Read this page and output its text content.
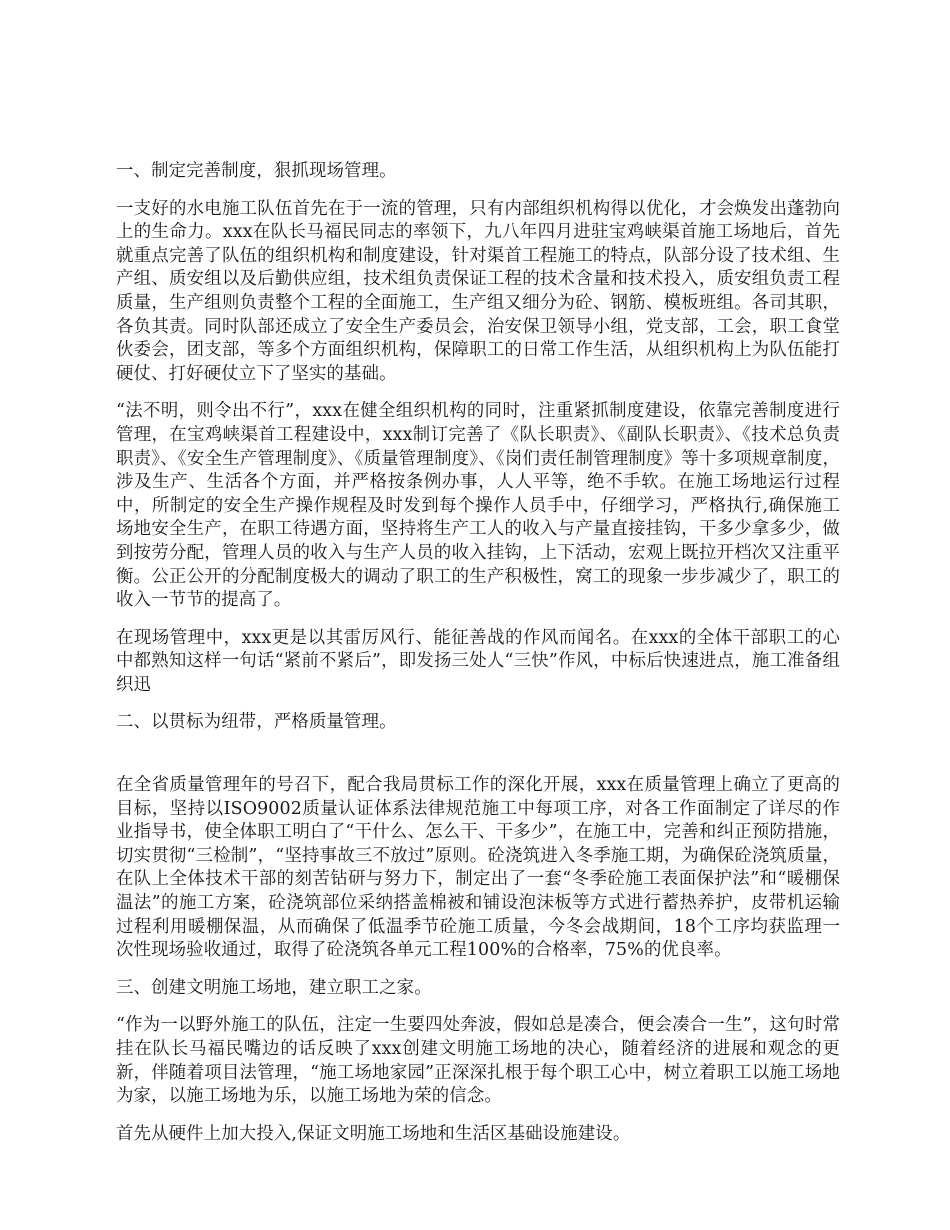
一、制定完善制度，狠抓现场管理。

一支好的水电施工队伍首先在于一流的管理，只有内部组织机构得以优化，才会焕发出蓬勃向上的生命力。xxx在队长马福民同志的率领下，九八年四月进驻宝鸡峡渠首施工场地后，首先就重点完善了队伍的组织机构和制度建设，针对渠首工程施工的特点，队部分设了技术组、生产组、质安组以及后勤供应组，技术组负责保证工程的技术含量和技术投入，质安组负责工程质量，生产组则负责整个工程的全面施工，生产组又细分为砼、钢筋、模板班组。各司其职，各负其责。同时队部还成立了安全生产委员会，治安保卫领导小组，党支部，工会，职工食堂伙委会，团支部，等多个方面组织机构，保障职工的日常工作生活，从组织机构上为队伍能打硬仗、打好硬仗立下了坚实的基础。

“法不明，则令出不行”，xxx在健全组织机构的同时，注重紧抓制度建设，依靠完善制度进行管理，在宝鸡峡渠首工程建设中，xxx制订完善了《队长职责》、《副队长职责》、《技术总负责职责》、《安全生产管理制度》、《质量管理制度》、《岗们责任制管理制度》等十多项规章制度，涉及生产、生活各个方面，并严格按条例办事，人人平等，绝不手软。在施工场地运行过程中，所制定的安全生产操作规程及时发到每个操作人员手中，仔细学习，严格执行,确保施工场地安全生产，在职工待遇方面，坚持将生产工人的收入与产量直接挂钩，干多少拿多少，做到按劳分配，管理人员的收入与生产人员的收入挂钩，上下活动，宏观上既拉开档次又注重平衡。公正公开的分配制度极大的调动了职工的生产积极性，窝工的现象一步步减少了，职工的收入一节节的提高了。

在现场管理中，xxx更是以其雷厉风行、能征善战的作风而闻名。在xxx的全体干部职工的心中都熟知这样一句话“紧前不紧后”，即发扬三处人“三快”作风，中标后快速进点，施工准备组织迅

二、以贯标为纽带，严格质量管理。

在全省质量管理年的号召下，配合我局贯标工作的深化开展，xxx在质量管理上确立了更高的目标，坚持以ISO9002质量认证体系法律规范施工中每项工序，对各工作面制定了详尽的作业指导书，使全体职工明白了“干什么、怎么干、干多少”，在施工中，完善和纠正预防措施，切实贯彻“三检制”，“坚持事故三不放过”原则。砼浇筑进入冬季施工期，为确保砼浇筑质量，在队上全体技术干部的刻苦钻研与努力下，制定出了一套“冬季砼施工表面保护法”和“暖棚保温法”的施工方案，砼浇筑部位采纳搭盖棉被和铺设泡沫板等方式进行蓄热养护，皮带机运输过程利用暖棚保温，从而确保了低温季节砼施工质量，今冬会战期间，18个工序均获监理一次性现场验收通过，取得了砼浇筑各单元工程100%的合格率，75%的优良率。

三、创建文明施工场地，建立职工之家。

“作为一以野外施工的队伍，注定一生要四处奔波，假如总是凑合，便会凑合一生”，这句时常挂在队长马福民嘴边的话反映了xxx创建文明施工场地的决心，随着经济的进展和观念的更新，伴随着项目法管理，“施工场地家园”正深深扎根于每个职工心中，树立着职工以施工场地为家，以施工场地为乐，以施工场地为荣的信念。

首先从硬件上加大投入,保证文明施工场地和生活区基础设施建设。
